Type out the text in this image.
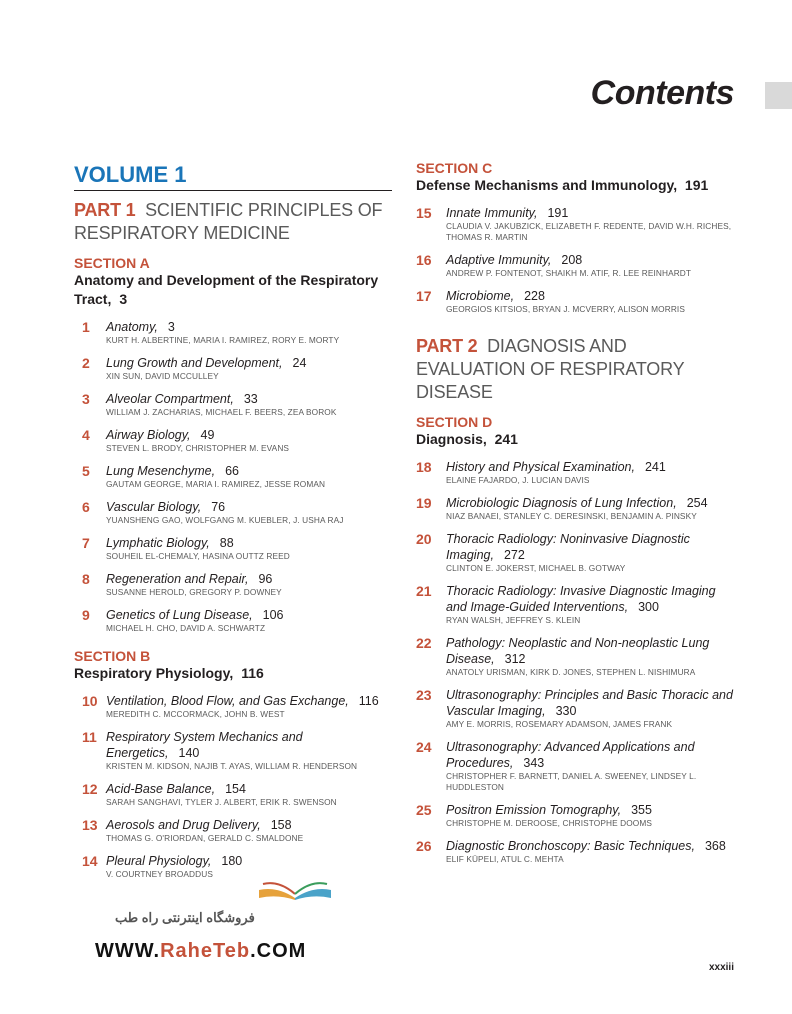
Contents
VOLUME 1
PART 1 SCIENTIFIC PRINCIPLES OF RESPIRATORY MEDICINE
SECTION A
Anatomy and Development of the Respiratory Tract, 3
1	Anatomy, 3
KURT H. ALBERTINE, MARIA I. RAMIREZ, RORY E. MORTY
2	Lung Growth and Development, 24
XIN SUN, DAVID MCCULLEY
3	Alveolar Compartment, 33
WILLIAM J. ZACHARIAS, MICHAEL F. BEERS, ZEA BOROK
4	Airway Biology, 49
STEVEN L. BRODY, CHRISTOPHER M. EVANS
5	Lung Mesenchyme, 66
GAUTAM GEORGE, MARIA I. RAMIREZ, JESSE ROMAN
6	Vascular Biology, 76
YUANSHENG GAO, WOLFGANG M. KUEBLER, J. USHA RAJ
7	Lymphatic Biology, 88
SOUHEIL EL-CHEMALY, HASINA OUTTZ REED
8	Regeneration and Repair, 96
SUSANNE HEROLD, GREGORY P. DOWNEY
9	Genetics of Lung Disease, 106
MICHAEL H. CHO, DAVID A. SCHWARTZ
SECTION B
Respiratory Physiology, 116
10 Ventilation, Blood Flow, and Gas Exchange, 116
MEREDITH C. MCCORMACK, JOHN B. WEST
11 Respiratory System Mechanics and Energetics, 140
KRISTEN M. KIDSON, NAJIB T. AYAS, WILLIAM R. HENDERSON
12 Acid-Base Balance, 154
SARAH SANGHAVI, TYLER J. ALBERT, ERIK R. SWENSON
13 Aerosols and Drug Delivery, 158
THOMAS G. O'RIORDAN, GERALD C. SMALDONE
14 Pleural Physiology, 180
V. COURTNEY BROADDUS
SECTION C
Defense Mechanisms and Immunology, 191
15	Innate Immunity, 191
CLAUDIA V. JAKUBZICK, ELIZABETH F. REDENTE, DAVID W.H. RICHES, THOMAS R. MARTIN
16	Adaptive Immunity, 208
ANDREW P. FONTENOT, SHAIKH M. ATIF, R. LEE REINHARDT
17	Microbiome, 228
GEORGIOS KITSIOS, BRYAN J. MCVERRY, ALISON MORRIS
PART 2 DIAGNOSIS AND EVALUATION OF RESPIRATORY DISEASE
SECTION D
Diagnosis, 241
18	History and Physical Examination, 241
ELAINE FAJARDO, J. LUCIAN DAVIS
19	Microbiologic Diagnosis of Lung Infection, 254
NIAZ BANAEI, STANLEY C. DERESINSKI, BENJAMIN A. PINSKY
20	Thoracic Radiology: Noninvasive Diagnostic Imaging, 272
CLINTON E. JOKERST, MICHAEL B. GOTWAY
21	Thoracic Radiology: Invasive Diagnostic Imaging and Image-Guided Interventions, 300
RYAN WALSH, JEFFREY S. KLEIN
22	Pathology: Neoplastic and Non-neoplastic Lung Disease, 312
ANATOLY URISMAN, KIRK D. JONES, STEPHEN L. NISHIMURA
23	Ultrasonography: Principles and Basic Thoracic and Vascular Imaging, 330
AMY E. MORRIS, ROSEMARY ADAMSON, JAMES FRANK
24	Ultrasonography: Advanced Applications and Procedures, 343
CHRISTOPHER F. BARNETT, DANIEL A. SWEENEY, LINDSEY L. HUDDLESTON
25	Positron Emission Tomography, 355
CHRISTOPHE M. DEROOSE, CHRISTOPHE DOOMS
26	Diagnostic Bronchoscopy: Basic Techniques, 368
ELIF KÜPELI, ATUL C. MEHTA
xxxiii
فروشگاه اینترنتی راه طب
WWW.RaheTeb.COM
